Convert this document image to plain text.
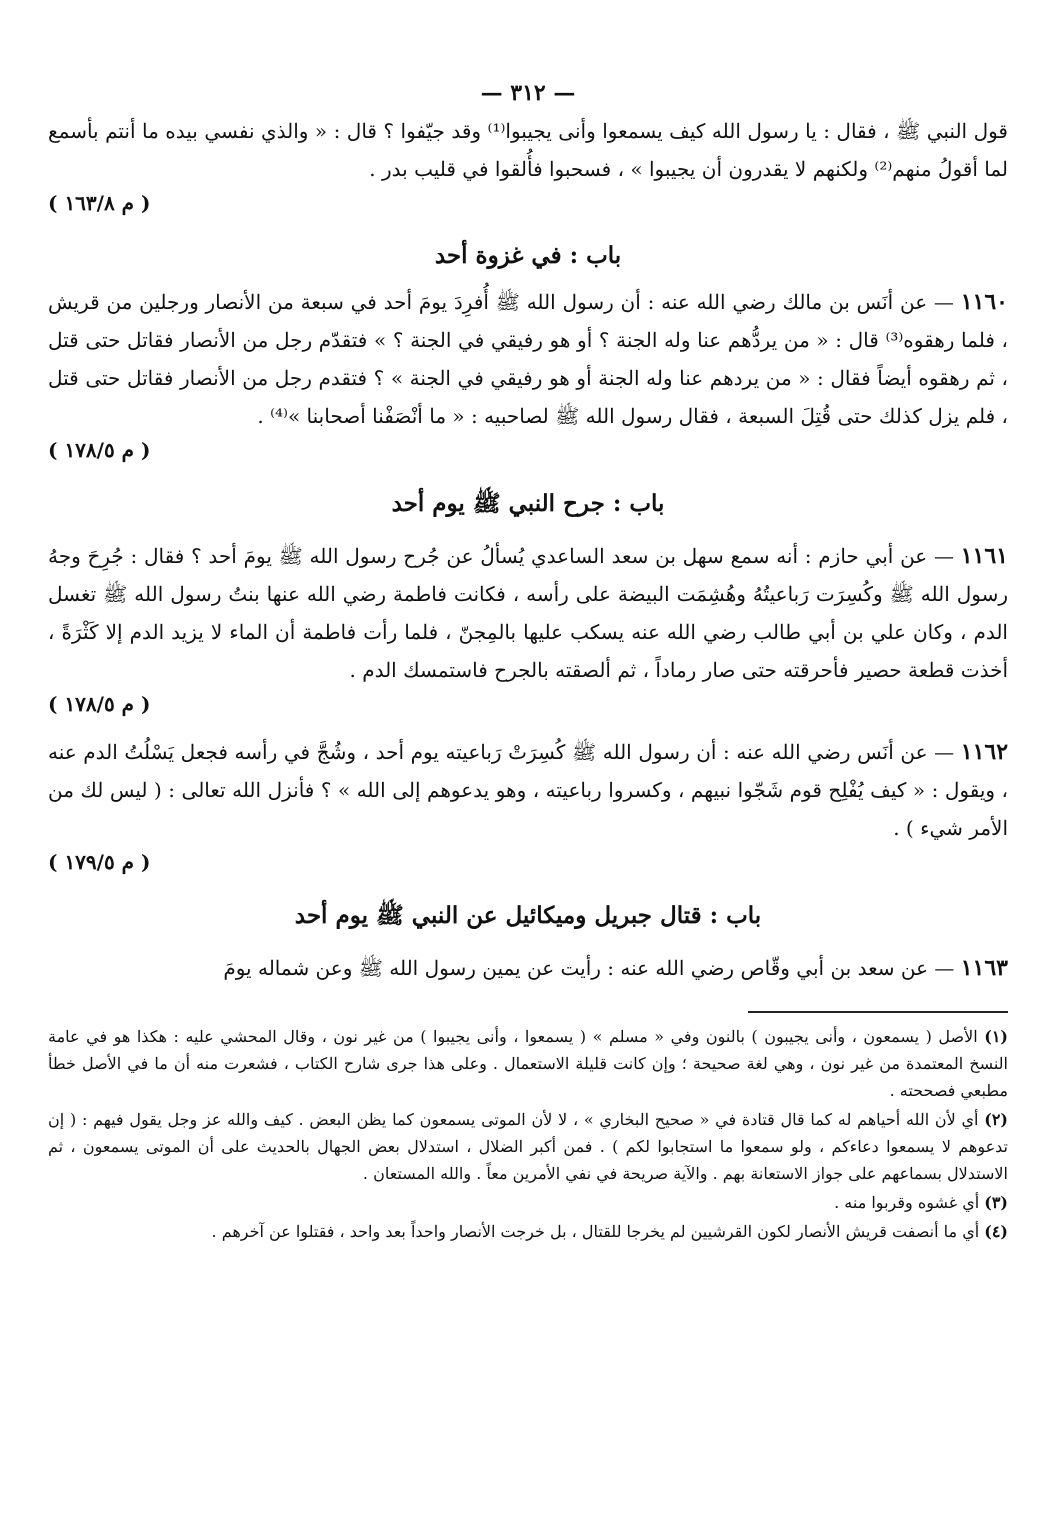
— ٣١٢ —

قول النبي ﷺ ، فقال : يا رسول الله كيف يسمعوا وأنى يجيبوا⁽¹⁾ وقد جيّفوا ؟ قال : « والذي نفسي بيده ما أنتم بأسمع لما أقولُ منهم⁽²⁾ ولكنهم لا يقدرون أن يجيبوا » ، فسحبوا فأُلقوا في قليب بدر .

( م ١٦٣/٨ )
باب : في غزوة أحد

١١٦٠ — عن أنَس بن مالك رضي الله عنه : أن رسول الله ﷺ أُفرِدَ يومَ أحد في سبعة من الأنصار ورجلين من قريش ، فلما رهقوه⁽³⁾ قال : « من يردُّهم عنا وله الجنة ؟ أو هو رفيقي في الجنة ؟ » فتقدّم رجل من الأنصار فقاتل حتى قتل ، ثم رهقوه أيضاً فقال : « من يردهم عنا وله الجنة أو هو رفيقي في الجنة » ؟ فتقدم رجل من الأنصار فقاتل حتى قتل ، فلم يزل كذلك حتى قُتِلَ السبعة ، فقال رسول الله ﷺ لصاحبيه : « ما أنْصَفْنا أصحابنا »⁽⁴⁾ .

( م ١٧٨/٥ )
باب : جرح النبي ﷺ يوم أحد

١١٦١ — عن أبي حازم : أنه سمع سهل بن سعد الساعدي يُسألُ عن جُرح رسول الله ﷺ يومَ أحد ؟ فقال : جُرِحَ وجهُ رسول الله ﷺ وكُسِرَت رَباعيتُهُ وهُشِمَت البيضة على رأسه ، فكانت فاطمة رضي الله عنها بنتُ رسول الله ﷺ تغسل الدم ، وكان علي بن أبي طالب رضي الله عنه يسكب عليها بالمِجنّ ، فلما رأت فاطمة أن الماء لا يزيد الدم إلا كَثْرَةً ، أخذت قطعة حصير فأحرقته حتى صار رماداً ، ثم ألصقته بالجرح فاستمسك الدم .

( م ١٧٨/٥ )

١١٦٢ — عن أنَس رضي الله عنه : أن رسول الله ﷺ كُسِرَتْ رَباعيته يوم أحد ، وشُجَّ في رأسه فجعل يَسْلُتُ الدم عنه ، ويقول : « كيف يُفْلِح قوم شَجّوا نبيهم ، وكسروا رباعيته ، وهو يدعوهم إلى الله » ؟ فأنزل الله تعالى : ( ليس لك من الأمر شيء ) .

( م ١٧٩/٥ )
باب : قتال جبريل وميكائيل عن النبي ﷺ يوم أحد

١١٦٣ — عن سعد بن أبي وقّاص رضي الله عنه : رأيت عن يمين رسول الله ﷺ وعن شماله يومَ

(١) الأصل ( يسمعون ، وأنى يجيبون ) بالنون وفي « مسلم » ( يسمعوا ، وأنى يجيبوا ) من غير نون ، وقال المحشي عليه : هكذا هو في عامة النسخ المعتمدة من غير نون ، وهي لغة صحيحة ؛ وإن كانت قليلة الاستعمال . وعلى هذا جرى شارح الكتاب ، فشعرت منه أن ما في الأصل خطأ مطبعي فصححته .

(٢) أي لأن الله أحياهم له كما قال قتادة في « صحيح البخاري » ، لا لأن الموتى يسمعون كما يظن البعض . كيف والله عز وجل يقول فيهم : ( إن تدعوهم لا يسمعوا دعاءكم ، ولو سمعوا ما استجابوا لكم ) . فمن أكبر الضلال ، استدلال بعض الجهال بالحديث على أن الموتى يسمعون ، ثم الاستدلال بسماعهم على جواز الاستعانة بهم . والآية صريحة في نفي الأمرين معاً . والله المستعان .

(٣) أي غشوه وقربوا منه .

(٤) أي ما أنصفت قريش الأنصار لكون القرشيين لم يخرجا للقتال ، بل خرجت الأنصار واحداً بعد واحد ، فقتلوا عن آخرهم .
